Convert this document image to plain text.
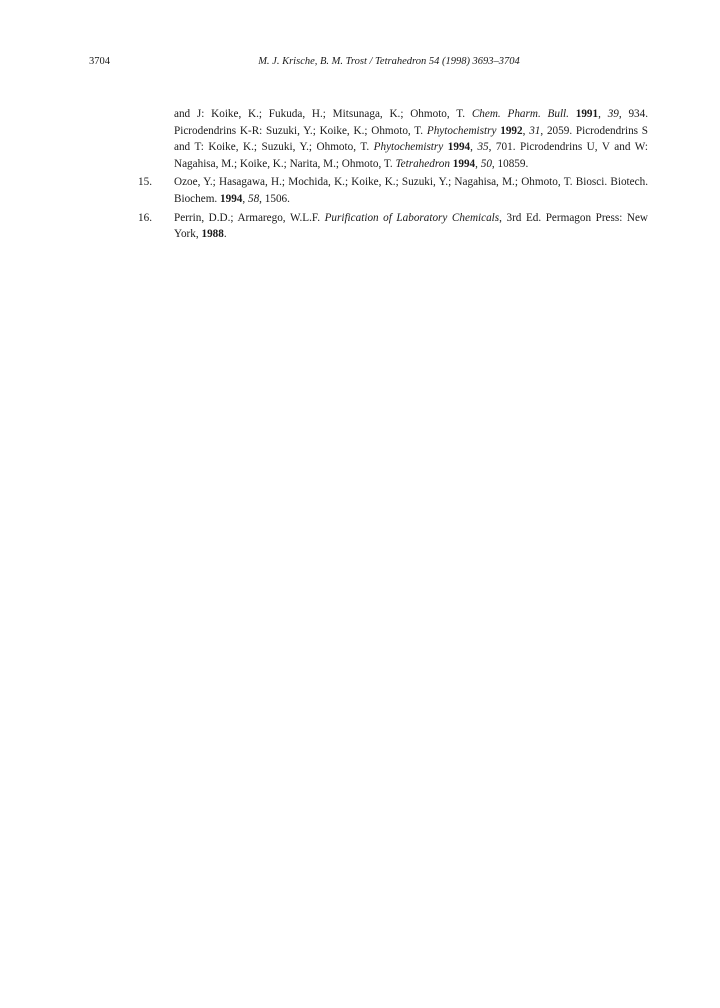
3704	M. J. Krische, B. M. Trost / Tetrahedron 54 (1998) 3693–3704
and J: Koike, K.; Fukuda, H.; Mitsunaga, K.; Ohmoto, T. Chem. Pharm. Bull. 1991, 39, 934. Picrodendrins K-R: Suzuki, Y.; Koike, K.; Ohmoto, T. Phytochemistry 1992, 31, 2059. Picrodendrins S and T: Koike, K.; Suzuki, Y.; Ohmoto, T. Phytochemistry 1994, 35, 701. Picrodendrins U, V and W: Nagahisa, M.; Koike, K.; Narita, M.; Ohmoto, T. Tetrahedron 1994, 50, 10859.
15. Ozoe, Y.; Hasagawa, H.; Mochida, K.; Koike, K.; Suzuki, Y.; Nagahisa, M.; Ohmoto, T. Biosci. Biotech. Biochem. 1994, 58, 1506.
16. Perrin, D.D.; Armarego, W.L.F. Purification of Laboratory Chemicals, 3rd Ed. Permagon Press: New York, 1988.
